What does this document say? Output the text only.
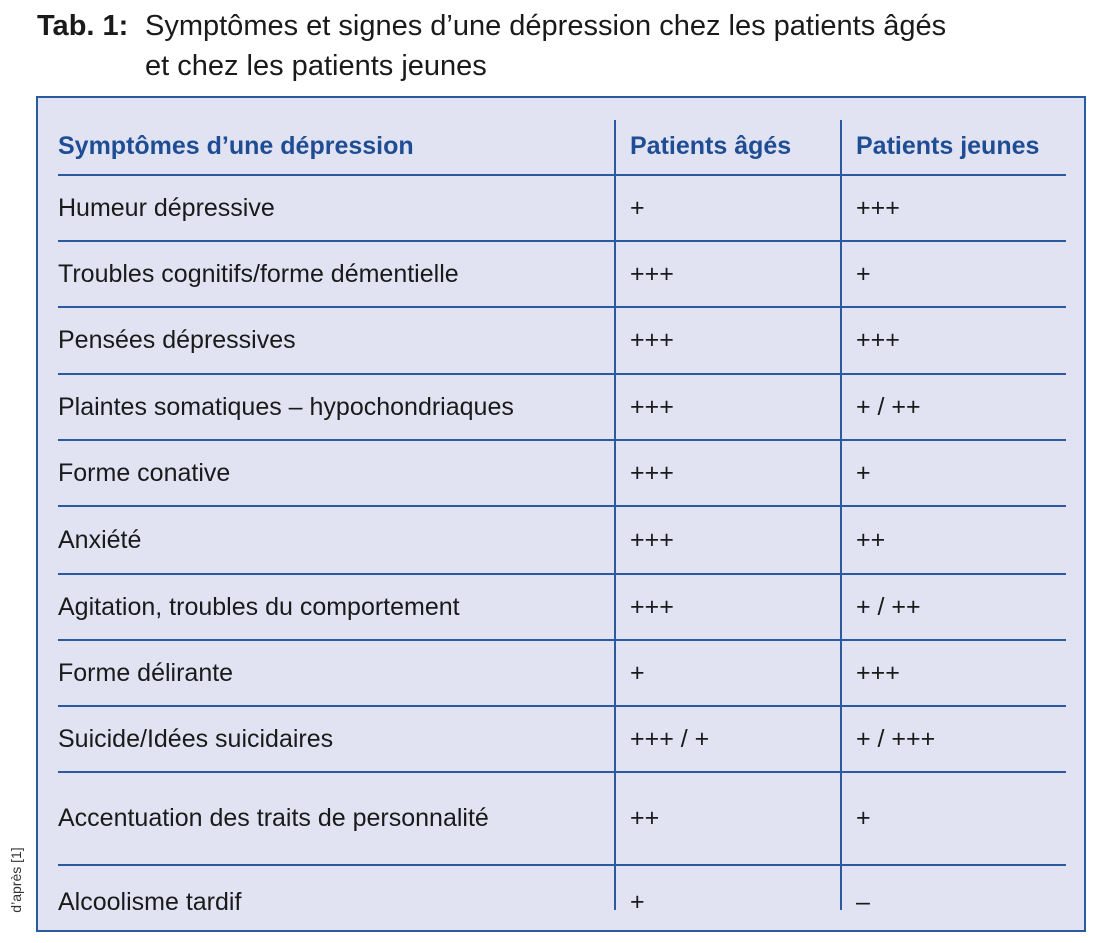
Tab. 1: Symptômes et signes d’une dépression chez les patients âgés
et chez les patients jeunes
Symptômes d’une dépression	Patients âgés	Patients jeunes
Humeur dépressive	+	+++
Troubles cognitifs/forme démentielle	+++	+
Pensées dépressives	+++	+++
Plaintes somatiques – hypochondriaques	+++	+ / ++
Forme conative	+++	+
Anxiété	+++	++
Agitation, troubles du comportement	+++	+ / ++
Forme délirante	+	+++
Suicide/Idées suicidaires	+++ / +	+ / +++
Accentuation des traits de personnalité	++	+
Alcoolisme tardif	+	–
d’après [1]
